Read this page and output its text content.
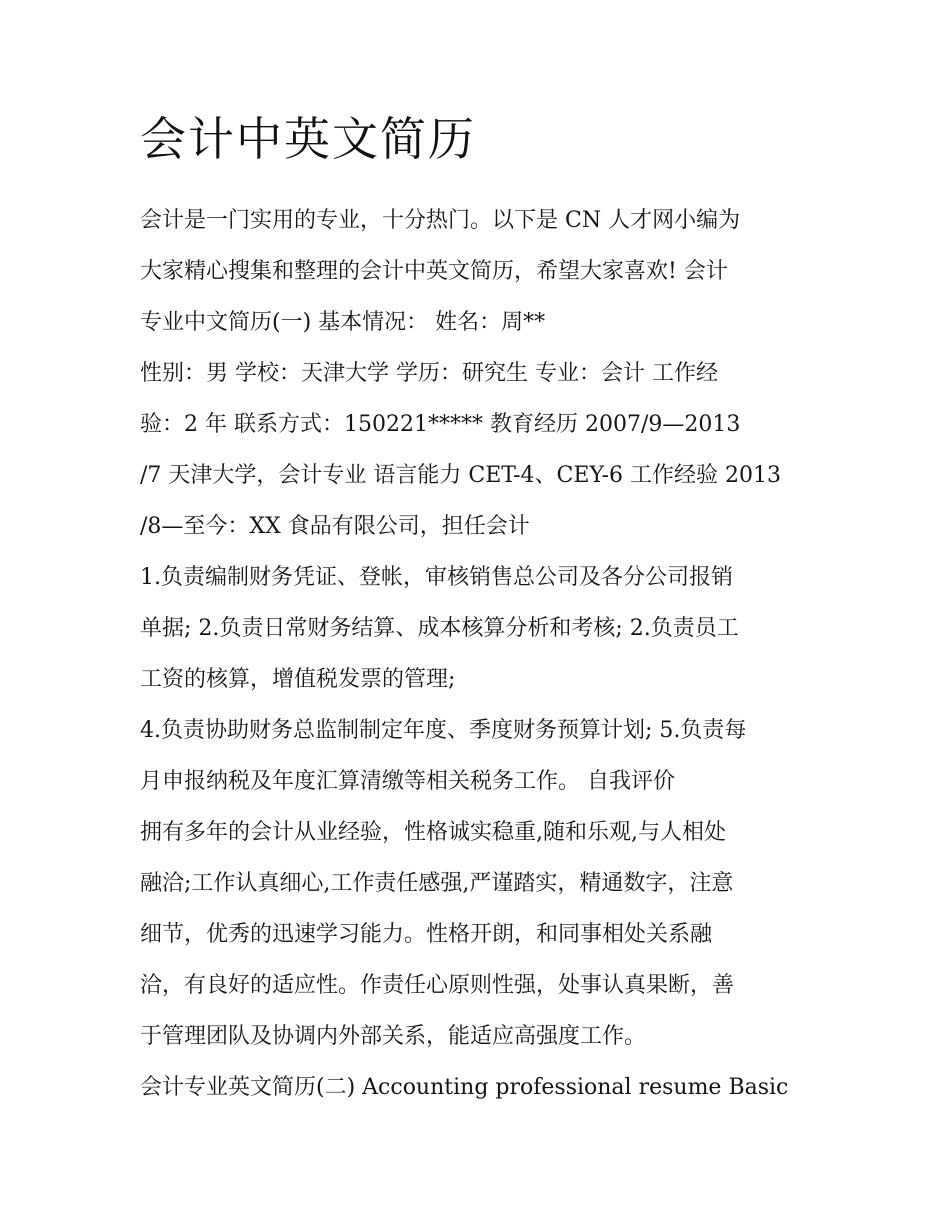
会计中英文简历

会计是一门实用的专业，十分热门。以下是 CN 人才网小编为

大家精心搜集和整理的会计中英文简历，希望大家喜欢! 会计

专业中文简历(一) 基本情况： 姓名：周**

性别：男 学校：天津大学 学历：研究生 专业：会计 工作经

验：2 年 联系方式：150221***** 教育经历 2007/9—2013

/7 天津大学，会计专业 语言能力 CET-4、CEY-6 工作经验 2013

/8—至今：XX 食品有限公司，担任会计

1.负责编制财务凭证、登帐，审核销售总公司及各分公司报销

单据; 2.负责日常财务结算、成本核算分析和考核; 2.负责员工

工资的核算，增值税发票的管理;

4.负责协助财务总监制制定年度、季度财务预算计划; 5.负责每

月申报纳税及年度汇算清缴等相关税务工作。 自我评价

拥有多年的会计从业经验，性格诚实稳重,随和乐观,与人相处

融洽;工作认真细心,工作责任感强,严谨踏实，精通数字，注意

细节，优秀的迅速学习能力。性格开朗，和同事相处关系融

洽，有良好的适应性。作责任心原则性强，处事认真果断，善

于管理团队及协调内外部关系，能适应高强度工作。

会计专业英文简历(二) Accounting professional resume Basic
